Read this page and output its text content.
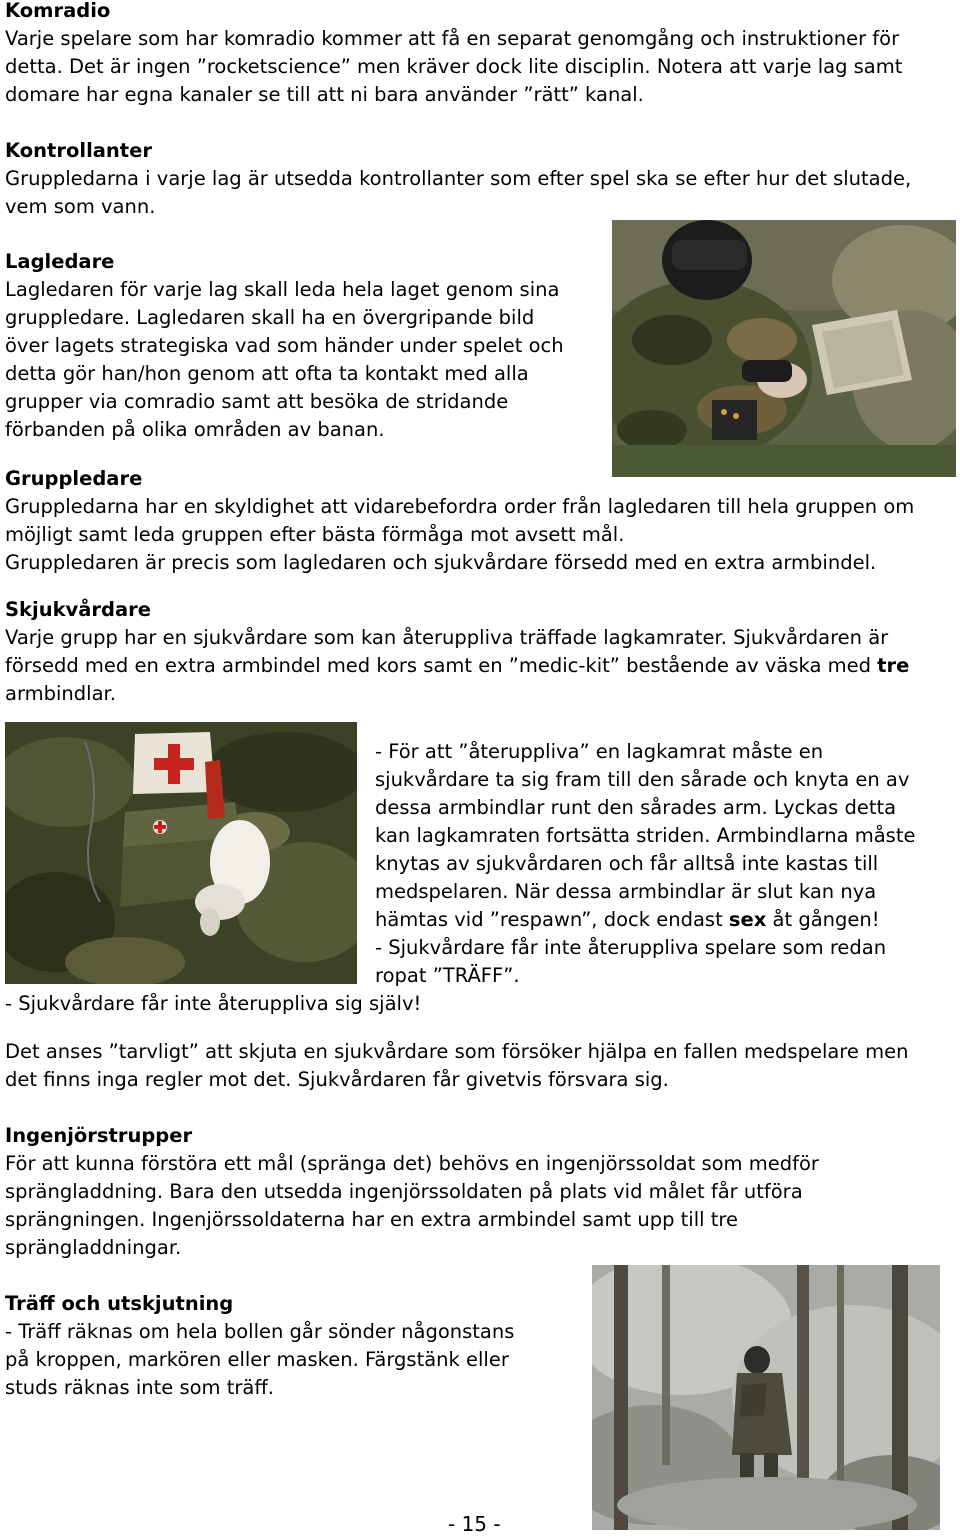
Komradio
Varje spelare som har komradio kommer att få en separat genomgång och instruktioner för
detta. Det är ingen ”rocketscience” men kräver dock lite disciplin. Notera att varje lag samt
domare har egna kanaler se till att ni bara använder ”rätt” kanal.
Kontrollanter
Gruppledarna i varje lag är utsedda kontrollanter som efter spel ska se efter hur det slutade,
vem som vann.
Lagledare
Lagledaren för varje lag skall leda hela laget genom sina
gruppledare. Lagledaren skall ha en övergripande bild
över lagets strategiska vad som händer under spelet och
detta gör han/hon genom att ofta ta kontakt med alla
grupper via comradio samt att besöka de stridande
förbanden på olika områden av banan.
Gruppledare
Gruppledarna har en skyldighet att vidarebefordra order från lagledaren till hela gruppen om
möjligt samt leda gruppen efter bästa förmåga mot avsett mål.
Gruppledaren är precis som lagledaren och sjukvårdare försedd med en extra armbindel.
Skjukvårdare
Varje grupp har en sjukvårdare som kan återuppliva träffade lagkamrater. Sjukvårdaren är
försedd med en extra armbindel med kors samt en ”medic-kit” bestående av väska med tre
armbindlar.
- För att ”återuppliva” en lagkamrat måste en
sjukvårdare ta sig fram till den sårade och knyta en av
dessa armbindlar runt den sårades arm. Lyckas detta
kan lagkamraten fortsätta striden. Armbindlarna måste
knytas av sjukvårdaren och får alltså inte kastas till
medspelaren. När dessa armbindlar är slut kan nya
hämtas vid ”respawn”, dock endast sex åt gången!
- Sjukvårdare får inte återuppliva spelare som redan
ropat ”TRÄFF”.
- Sjukvårdare får inte återuppliva sig själv!
Det anses ”tarvligt” att skjuta en sjukvårdare som försöker hjälpa en fallen medspelare men
det finns inga regler mot det. Sjukvårdaren får givetvis försvara sig.
Ingenjörstrupper
För att kunna förstöra ett mål (spränga det) behövs en ingenjörssoldat som medför
sprängladdning. Bara den utsedda ingenjörssoldaten på plats vid målet får utföra
sprängningen. Ingenjörssoldaterna har en extra armbindel samt upp till tre
sprängladdningar.
Träff och utskjutning
- Träff räknas om hela bollen går sönder någonstans
på kroppen, markören eller masken. Färgstänk eller
studs räknas inte som träff.
- 15 -
